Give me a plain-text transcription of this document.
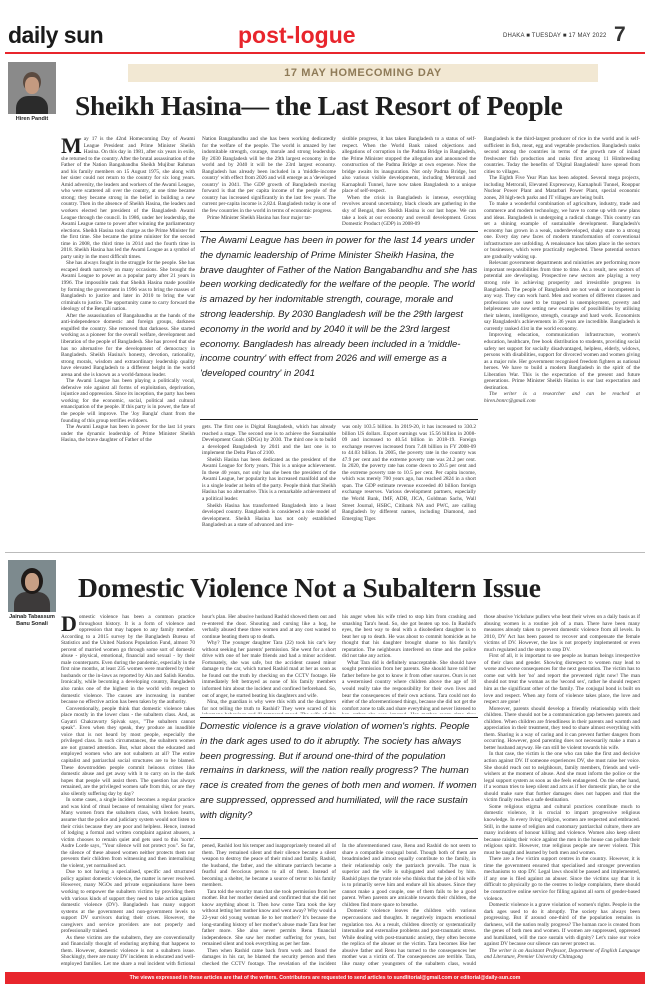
daily sun	post-logue	DHAKA ■ TUESDAY ■ 17 MAY 2022 7
17 MAY HOMECOMING DAY
Hiren Pandit Sheikh Hasina— the Last Resort of People
M ay 17 is the 42nd Homecoming Day of Awami League President and Prime Minister Sheikh Hasina. On this day in 1981, after six years in exile, she returned to the country. After the brutal assassination of the Father of the Nation Bangabandhu Sheikh Mujibur Rahman and his family members on 15 August 1975, she along with her sister could not return to the country for six long years. Amid adversity, the leaders and workers of the Awami League, who were scattered all over the country, at one time became strong; they became strong in the belief in building a new country. Then in the absence of Sheikh Hasina, the leaders and workers elected her president of the Bangladesh Awami League through the council. In 1986, under her leadership, the Awami League came to power after winning the parliamentary elections. Sheikh Hasina took charge as the Prime Minister for the first time. She became the prime minister for the second time in 2008, the third time in 2014 and the fourth time in 2018. Sheikh Hasina has led the Awami League as a symbol of party unity in the most difficult times.

She has always fought in the struggle for the people. She has escaped death narrowly on many occasions. She brought the Awami League to power as a popular party after 21 years in 1996. The impossible task that Sheikh Hasina made possible by forming the government in 1996 was to bring the masses of Bangladesh to justice and later in 2010 to bring the war criminals to justice. The opportunity came to carry forward the ideology of the Bengali nation.

After the assassination of Bangabandhu at the hands of the anti-independence domestic and foreign groups, darkness engulfed the country. She removed that darkness. She started working as a pioneer for the overall welfare, development and liberation of the people of Bangladesh. She has proved that she has no alternative for the development of democracy in Bangladesh. Sheikh Hasina's honesty, devotion, rationality, strong morals, wisdom and extraordinary leadership quality have elevated Bangladesh to a different height in the world arena and she is known as a world-famous leader.

The Awami League has been playing a politically vocal, defensive role against all forms of exploitation, deprivation, injustice and oppression. Since its inception, the party has been working for the economic, social, political and cultural emancipation of the people. If this party is in power, the fate of the people will improve. The 'Joy Bangla' chant from the founding of this group terrifies evildoers.

The Awami League has been in power for the last 14 years under the dynamic leadership of Prime Minister Sheikh Hasina, the brave daughter of Father of the

Nation Bangabandhu and she has been working dedicatedly for the welfare of the people. The world is amazed by her indomitable strength, courage, morale and strong leadership. By 2030 Bangladesh will be the 29th largest economy in the world and by 2040 it will be the 23rd largest economy. Bangladesh has already been included in a 'middle-income country' with effect from 2026 and will emerge as a 'developed country' in 2041. The GDP growth of Bangladesh moving forward is that the per capita income of the people of the country has increased significantly in the last few years. The current per-capita income is 2,824. Bangladesh today is one of the few countries in the world in terms of economic progress.

Prime Minister Sheikh Hasina has four major tar-

sistible progress, it has taken Bangladesh to a status of self-respect. When the World Bank raised objections and allegations of corruption in the Padma Bridge in Bangladesh, the Prime Minister stopped the allegation and announced the construction of the Padma Bridge at own expense. Now the bridge awaits its inauguration. Not only Padma Bridge, but also various visible developments, including Metrorail and Karnaphuli Tunnel, have now taken Bangladesh to a unique place of self-respect.

When the crisis in Bangladesh is intense, everything revolves around uncertainty, black clouds are gathering in the sky of Bengal, then Sheikh Hasina is our last hope. We can take a look at our economy and overall development. Gross Domestic Product (GDP) in 2008-09

The Awami League has been in power for the last 14 years under the dynamic leadership of Prime Minister Sheikh Hasina, the brave daughter of Father of the Nation Bangabandhu and she has been working dedicatedly for the welfare of the people. The world is amazed by her indomitable strength, courage, morale and strong leadership. By 2030 Bangladesh will be the 29th largest economy in the world and by 2040 it will be the 23rd largest economy. Bangladesh has already been included in a 'middle-income country' with effect from 2026 and will emerge as a 'developed country' in 2041

gets. The first one is Digital Bangladesh, which has already reached a stage. The second one is to achieve the Sustainable Development Goals (SDGs) by 2030. The third one is to build a developed Bangladesh by 2041 and the last one is to implement the Delta Plan of 2100.

Sheikh Hasina has been dedicated as the president of the Awami League for forty years. This is a unique achievement. In these 40 years, not only has she been the president of the Awami League, her popularity has increased manifold and she is a single leader at helm of the party. People think that Sheikh Hasina has no alternative. This is a remarkable achievement of a political leader.

Sheikh Hasina has transformed Bangladesh into a least developed country. Bangladesh is considered a role model of development. Sheikh Hasina has not only established Bangladesh as a state of advanced and irre-

was only 103.5 billion. In 2019-20, it has increased to 330.2 billion US dollars. Export earnings was 15.56 billion in 2008-09 and increased to 40.54 billion in 2018-19. Foreign exchange reserves increased from 7.48 billion in FY 2008-09 to 44.03 billion. In 2005, the poverty rate in the country was 47.9 per cent and the extreme poverty rate was 24.2 per cent. In 2020, the poverty rate has come down to 20.5 per cent and the extreme poverty rate to 10.5 per cent. Per capita income, which was merely 700 years ago, has reached 2824 in a short span. The GDP estimate revenue exceeded 40 billion foreign exchange reserves. Various development partners, especially the World Bank, IMF, ADB, JICA, Goldman Sachs, Wall Street Journal, HSBC, Citibank NA and PWC, are calling Bangladesh by different names, including Diamond, and Emerging Tiger.

Bangladesh is the third-largest producer of rice in the world and is self-sufficient in fish, meat, egg and vegetable production. Bangladesh ranks second among the countries in terms of the growth rate of inland freshwater fish production and ranks first among 11 Himbreeding countries. Today the benefits of 'Digital Bangladesh' have spread from cities to villages.

The Eighth Five Year Plan has been adopted. Several mega projects, including Metrorail, Elevated Expressway, Karnaphuli Tunnel, Rooppur Nuclear Power Plant and Matarbari Power Plant, special economic zones, 28 high-tech parks and IT villages are being built.

To make a wonderful combination of agriculture, industry, trade and commerce and modern technology, we have to come up with new plans and ideas. Bangladesh is undergoing a radical change. This country can set a shining example of sustainable development. Bangladesh's economy has grown in a weak, underdeveloped, shaky state to a strong one. Every day new faces of modern transformation of conventional infrastructure are unfolding. A renaissance has taken place in the sectors or businesses, which were practically neglected. These potential sectors are gradually waking up.

Relevant government departments and ministries are performing more important responsibilities from time to time. As a result, new sectors of potential are developing. Prospective new sectors are playing a very strong role in achieving prosperity and irresistible progress in Bangladesh. The people of Bangladesh are not weak or incompetent in any way. They can work hard. Men and women of different classes and professions who used to be trapped in unemployment, poverty and helplessness are now setting new examples of possibilities by utilising their talents, intelligence, strength, courage and hard work. Economists say Bangladesh's achievements in 36 years are incredible. Bangladesh is currently ranked 41st in the world economy.

Improving education, communication infrastructure, women's education, healthcare, free book distribution to students, providing social safety net support for socially disadvantaged, helpless, elderly, widows, persons with disabilities, support for divorced women and women giving as a major role. Her government recognised freedom fighters as national heroes. We have to build a modern Bangladesh in the spirit of the Liberation War. This is the expectation of the present and future generations. Prime Minister Sheikh Hasina is our last expectation and destination.

The writer is a researcher and can be reached at hiren.bnnrc@gmail.com

Jainab Tabassum Banu Sonali
Domestic Violence Not a Subaltern Issue
D omestic violence has been a common practice throughout history. It is a form of violence and oppression that may happen to any family member. According to a 2015 survey by the Bangladesh Bureau of Statistics and the United Nations Population Fund, almost 70 percent of married women go through some sort of domestic abuse - physical, emotional, financial and sexual - by their male counterparts. Even during the pandemic, especially in the first nine months, at least 235 women were murdered by their husbands or the in-laws as reported by Ain and Salish Kendra. Ironically, while becoming a developing country, Bangladesh also ranks one of the highest in the world with respect to domestic violence. The causes are increasing in number because no effective action has been taken by the authority.

Conventionally, people think that domestic violence takes place mostly in the lower class - the subaltern class. And, as Gayatri Chakravorty Spivak says, "The subaltern cannot speak". Even when they speak, they produce an inaudible voice that is not heard by most people, especially the privileged class. In such circumstances, the subaltern women are not granted attention. But, what about the educated and employed women who are not subaltern at all? The entire capitalist and patriarchal social structures are to be blamed. These downtrodden people commit heinous crimes like domestic abuse and get away with it to carry on in the dark hopes that people will assist them. The question has always remained, are the privileged women safe from this, or are they also silently suffering day by day?

In some cases, a single incident becomes a regular practice and was kind of ritual because of remaining silent for years. Many women from the subaltern class, with broken hearts, assume that the police and judiciary system would not listen to their crisis because they are poor and helpless. Hence, instead of lodging a formal and written complaint against abusers, a victim chooses to remain quiet and gets used to this 'norm'. Audre Lorde says, "Your silence will not protect you". So far, the silence of these abused women neither protects them nor prevents their children from witnessing and then internalising the violent, yet normalised act.

Due to not having a specialised, specific and structured policy against domestic violence, the matter is never resolved. However, many NGOs and private organisations have been working to empower the subaltern victims by providing them with various kinds of support they need to take action against domestic violence (DV). Bangladesh has many support systems at the government and non-government levels to support DV survivors during their crises. However, the caregivers and service providers are not properly and professionally trained.

As these victims are the subaltern, they are conventionally and financially thought of enduring anything that happens to them. However, domestic violence is not a subaltern issue. Shockingly, there are many DV incidents in educated and well-employed families. Let me share a real incident with fictional

hour's plan. Her abusive husband Rashid showed them out and re-entered the door. Shouting and cursing like a hog, he verbally abused these three women and at any cost wanted to continue beating them up to death.

Why? The younger daughter Tara (22) took his car's key without seeking her parents' permission. She went for a short drive with one of her male friends and had a minor accident. Fortunately, she was safe, but the accident caused minor damage to the car, which turned Rashid mad at her as soon as he found out the truth by checking on the CCTV footage. He immediately felt betrayed as none of his family members informed him about the incident and confined beforehand. So, out of anger, he started beating his daughters and wife.

Nina, the guardian is why were this with and the daughters for not telling the truth to Rashid? They were scared of his

his anger when his wife tried to stop him from crashing and smashing Tara's head. So, she got beaten up too. In Rashid's eyes, the best way to deal with a disobedient daughter is to beat her up to death. He was about to commit homicide as he thought that his daughter brought shame to his family's reputation. The neighbours interfered on time and the police did not take any action.

What Tara did is definitely unacceptable. She should have sought permission from her parents. She should have told her father before he got to know it from other sources. Ours is not a westernised country where children above the age of 18 would really take the responsibility for their own lives and bear the consequences of their own actions. Tara could not do either of the aforementioned things, because she did not get the comfort zone to talk and share everything and never listened to

Domestic violence is a grave violation of women's rights. People in the dark ages used to do it abruptly. The society has always been progressing. But if around one-third of the population remains in darkness, will the nation really progress? The human race is created from the genes of both men and women. If women are suppressed, oppressed and humiliated, will the race sustain with dignity?

pened, Rashid lost his temper and inappropriately treated all of them. They remained silent and their silence became a silent weapon to destroy the peace of their mind and family. Rashid, the husband, the father, and the ultimate patriarch became a fearful and ferocious person to all of them. Instead of becoming a shelter, he became a source of terror to his family members.

Tara told the security man that she took permission from her mother. But her mother denied and confirmed that she did not know anything about it. Then how come Tara took the key without letting her mother know and went away? Why would a 22-year old young woman lie to her mother? It's because the long-standing history of her mother's abuse made Tara fear her father more. She also never permits Renu financial independence. She saw her mother suffering for years, but remained silent and took everything as per her fate.

Then when Rashid came back from work and found the damages in his car, he blamed the security person and then checked the CCTV footage. The revelation of the incident

In the aforementioned case, Renu and Rashid do not seem to share a compatible conjugal bond. Though both of them are broadminded and almost equally contribute to the family, in their relationship only the patriarch prevails. The man is superior and the wife is subjugated and subdued by him. Rashid plays the tyrant role who thinks that the job of his wife is to primarily serve him and endure all his abuses. Since they cannot make a good couple, one of them fails to be a good parent. When parents are amicable towards their children, the children find more space to breathe.

Domestic violence leaves the children with various repercussions and thoughts. It negatively impacts emotional regulation too. As a result, children directly or systematically internalise and externalise problems and post-traumatic stress. While dealing with post-traumatic anxiety, they often become the replica of the abuser or the victim. Tara becomes like her abusive father and Renu has turned to the consequences her mother was a victim of. The consequences are terrible. Tara, like many other youngsters of the subaltern class, would

those abusive 'rickshaw pullers who beat their wives on a daily basis as if abusing women is a routine job of a man. There have been many measures already taken to prevent domestic violence from all levels. In 2010, DV Act has been passed to recover and compensate the female victims of DV. However, the law is not properly implemented or even much regulated and the steps to stop DV.

First of all, it is important to see people as human beings irrespective of their class and gender. Showing disrespect to women may lead to worse and worse consequences for the next generation. The victim has to come out with her 'no' and report the prevented right now! The man should not treat the woman as the 'second sex', rather he should respect him as the significant other of the family. The conjugal bond is built on love and respect. When any form of violence takes place, the love and respect are gone!

Moreover, parents should develop a friendly relationship with their children. There should not be a communication gap between parents and children. When children are friendliness in their parents and warmth and appreciation in their treatment, they tend to share almost everything with them. Sharing is a way of caring and it can prevent further dangers from occurring. However, good parenting does not necessarily make a man a better husband anyway. He can still be violent towards his wife.

In that case, the victim is the one who can take the first and decisive action against DV. If someone experiences DV, she must raise her voice. She should reach out to neighbours, family members, friends and well-wishers at the moment of abuse. And she must inform the police or the legal support system as soon as she feels endangered. On the other hand, if a woman tries to keep silent and acts as if her domestic plan, he or she should make sure that further damages does not happen and that the victim finally reaches a safe destination.

Some religious stigma and cultural practices contribute much to domestic violence, it is crucial to impart progressive religious knowledge. In every living religion, women are respected and embraced. Still, in the name of religion and customary patriarchal culture, there are many incidents of honour killing and violence. Women also keep silent because raising their voice against the men in the house can pollute their religious spirit. However, true religious people are never violent. This must be taught and learned by both men and women.

There are a few victim support centres in the country. However, it is time the government ensured that specialised and stronger prevention mechanisms to stop DV. Legal laws should be passed and implemented, if any one is filed against an abuser. Since the victims say that it is difficult to physically go to the centres to lodge complaints, there should be constructive online service for filling against all sorts of gender-based violence.

Domestic violence is a grave violation of women's rights. People in the dark ages used to do it abruptly. The society has always been progressing. But if around one-third of the population remains in darkness, will the nation really progress? The human race is created from the genes of both men and women. If women are suppressed, oppressed and humiliated, will the race sustain with dignity? Let's raise our voice against DV because our silence can never protect us.

The writer is an Assistant Professor, Department of English Language and Literature, Premier University Chittagong

The views expressed in these articles are that of the writers. Contributors are requested to send articles to sundlitorial@gmail.com or editorial@daily-sun.com
